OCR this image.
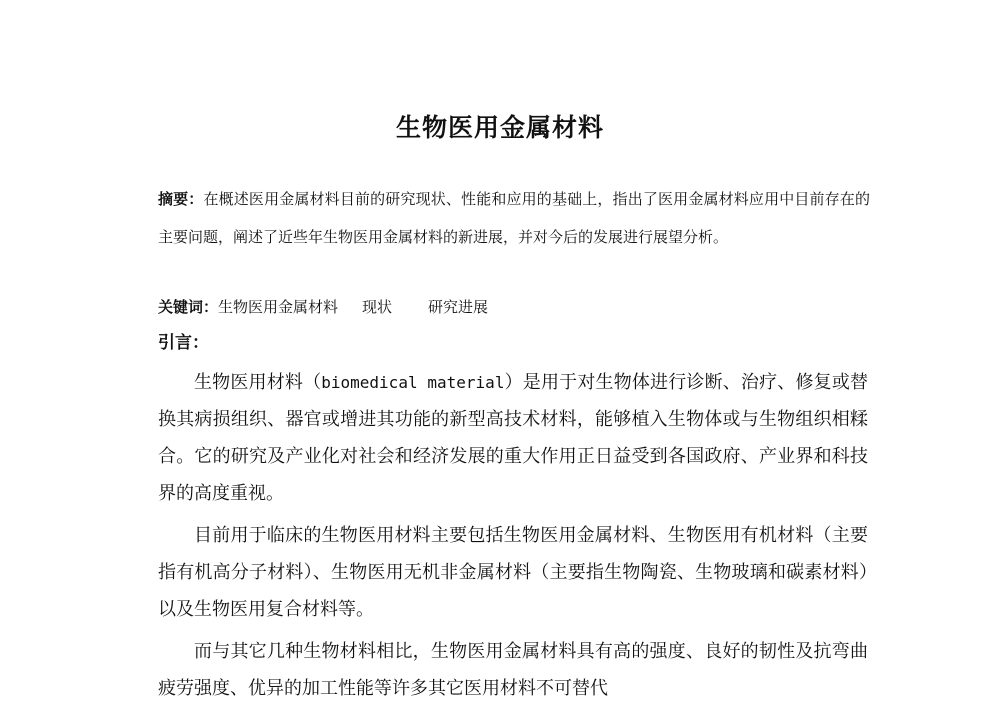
生物医用金属材料
摘要：在概述医用金属材料目前的研究现状、性能和应用的基础上，指出了医用金属材料应用中目前存在的主要问题，阐述了近些年生物医用金属材料的新进展，并对今后的发展进行展望分析。
关键词：生物医用金属材料 现状 研究进展
引言：

生物医用材料（biomedical material）是用于对生物体进行诊断、治疗、修复或替换其病损组织、器官或增进其功能的新型高技术材料，能够植入生物体或与生物组织相糅合。它的研究及产业化对社会和经济发展的重大作用正日益受到各国政府、产业界和科技界的高度重视。

目前用于临床的生物医用材料主要包括生物医用金属材料、生物医用有机材料（主要指有机高分子材料）、生物医用无机非金属材料（主要指生物陶瓷、生物玻璃和碳素材料）以及生物医用复合材料等。

而与其它几种生物材料相比，生物医用金属材料具有高的强度、良好的韧性及抗弯曲疲劳强度、优异的加工性能等许多其它医用材料不可替代
